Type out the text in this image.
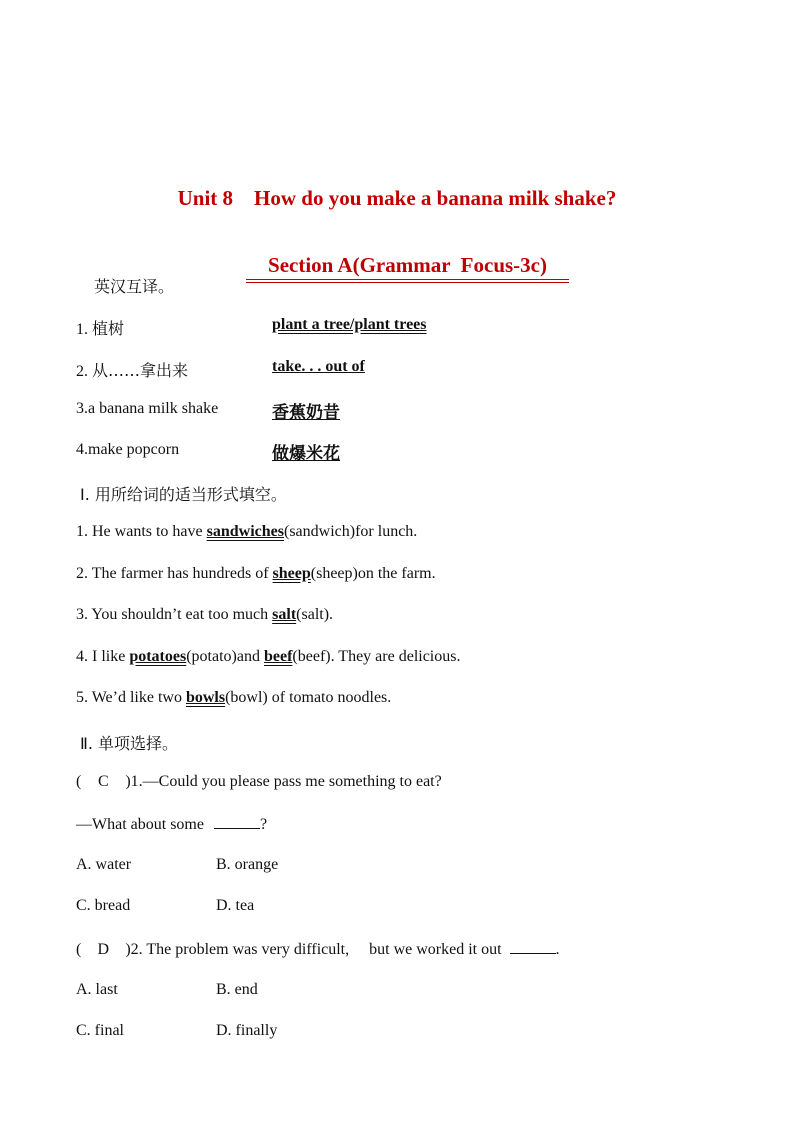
Unit 8    How do you make a banana milk shake?

Section A(Grammar  Focus-3c)

英汉互译。
1. 植树	plant a tree/plant trees
2. 从……拿出来	take. . . out of
3.a banana milk shake	香蕉奶昔
4.make popcorn	做爆米花
Ⅰ. 用所给词的适当形式填空。
1. He wants to have sandwiches(sandwich)for lunch.
2. The farmer has hundreds of sheep(sheep)on the farm.
3. You shouldn’t eat too much salt(salt).
4. I like potatoes(potato)and beef(beef). They are delicious.
5. We’d like two bowls(bowl) of tomato noodles.
Ⅱ. 单项选择。
( C )1.—Could you please pass me something to eat?
—What about some	?
A. water	B. orange
C. bread	D. tea
( D )2. The problem was very difficult,     but we worked it out	.
A. last	B. end
C. final	D. finally
